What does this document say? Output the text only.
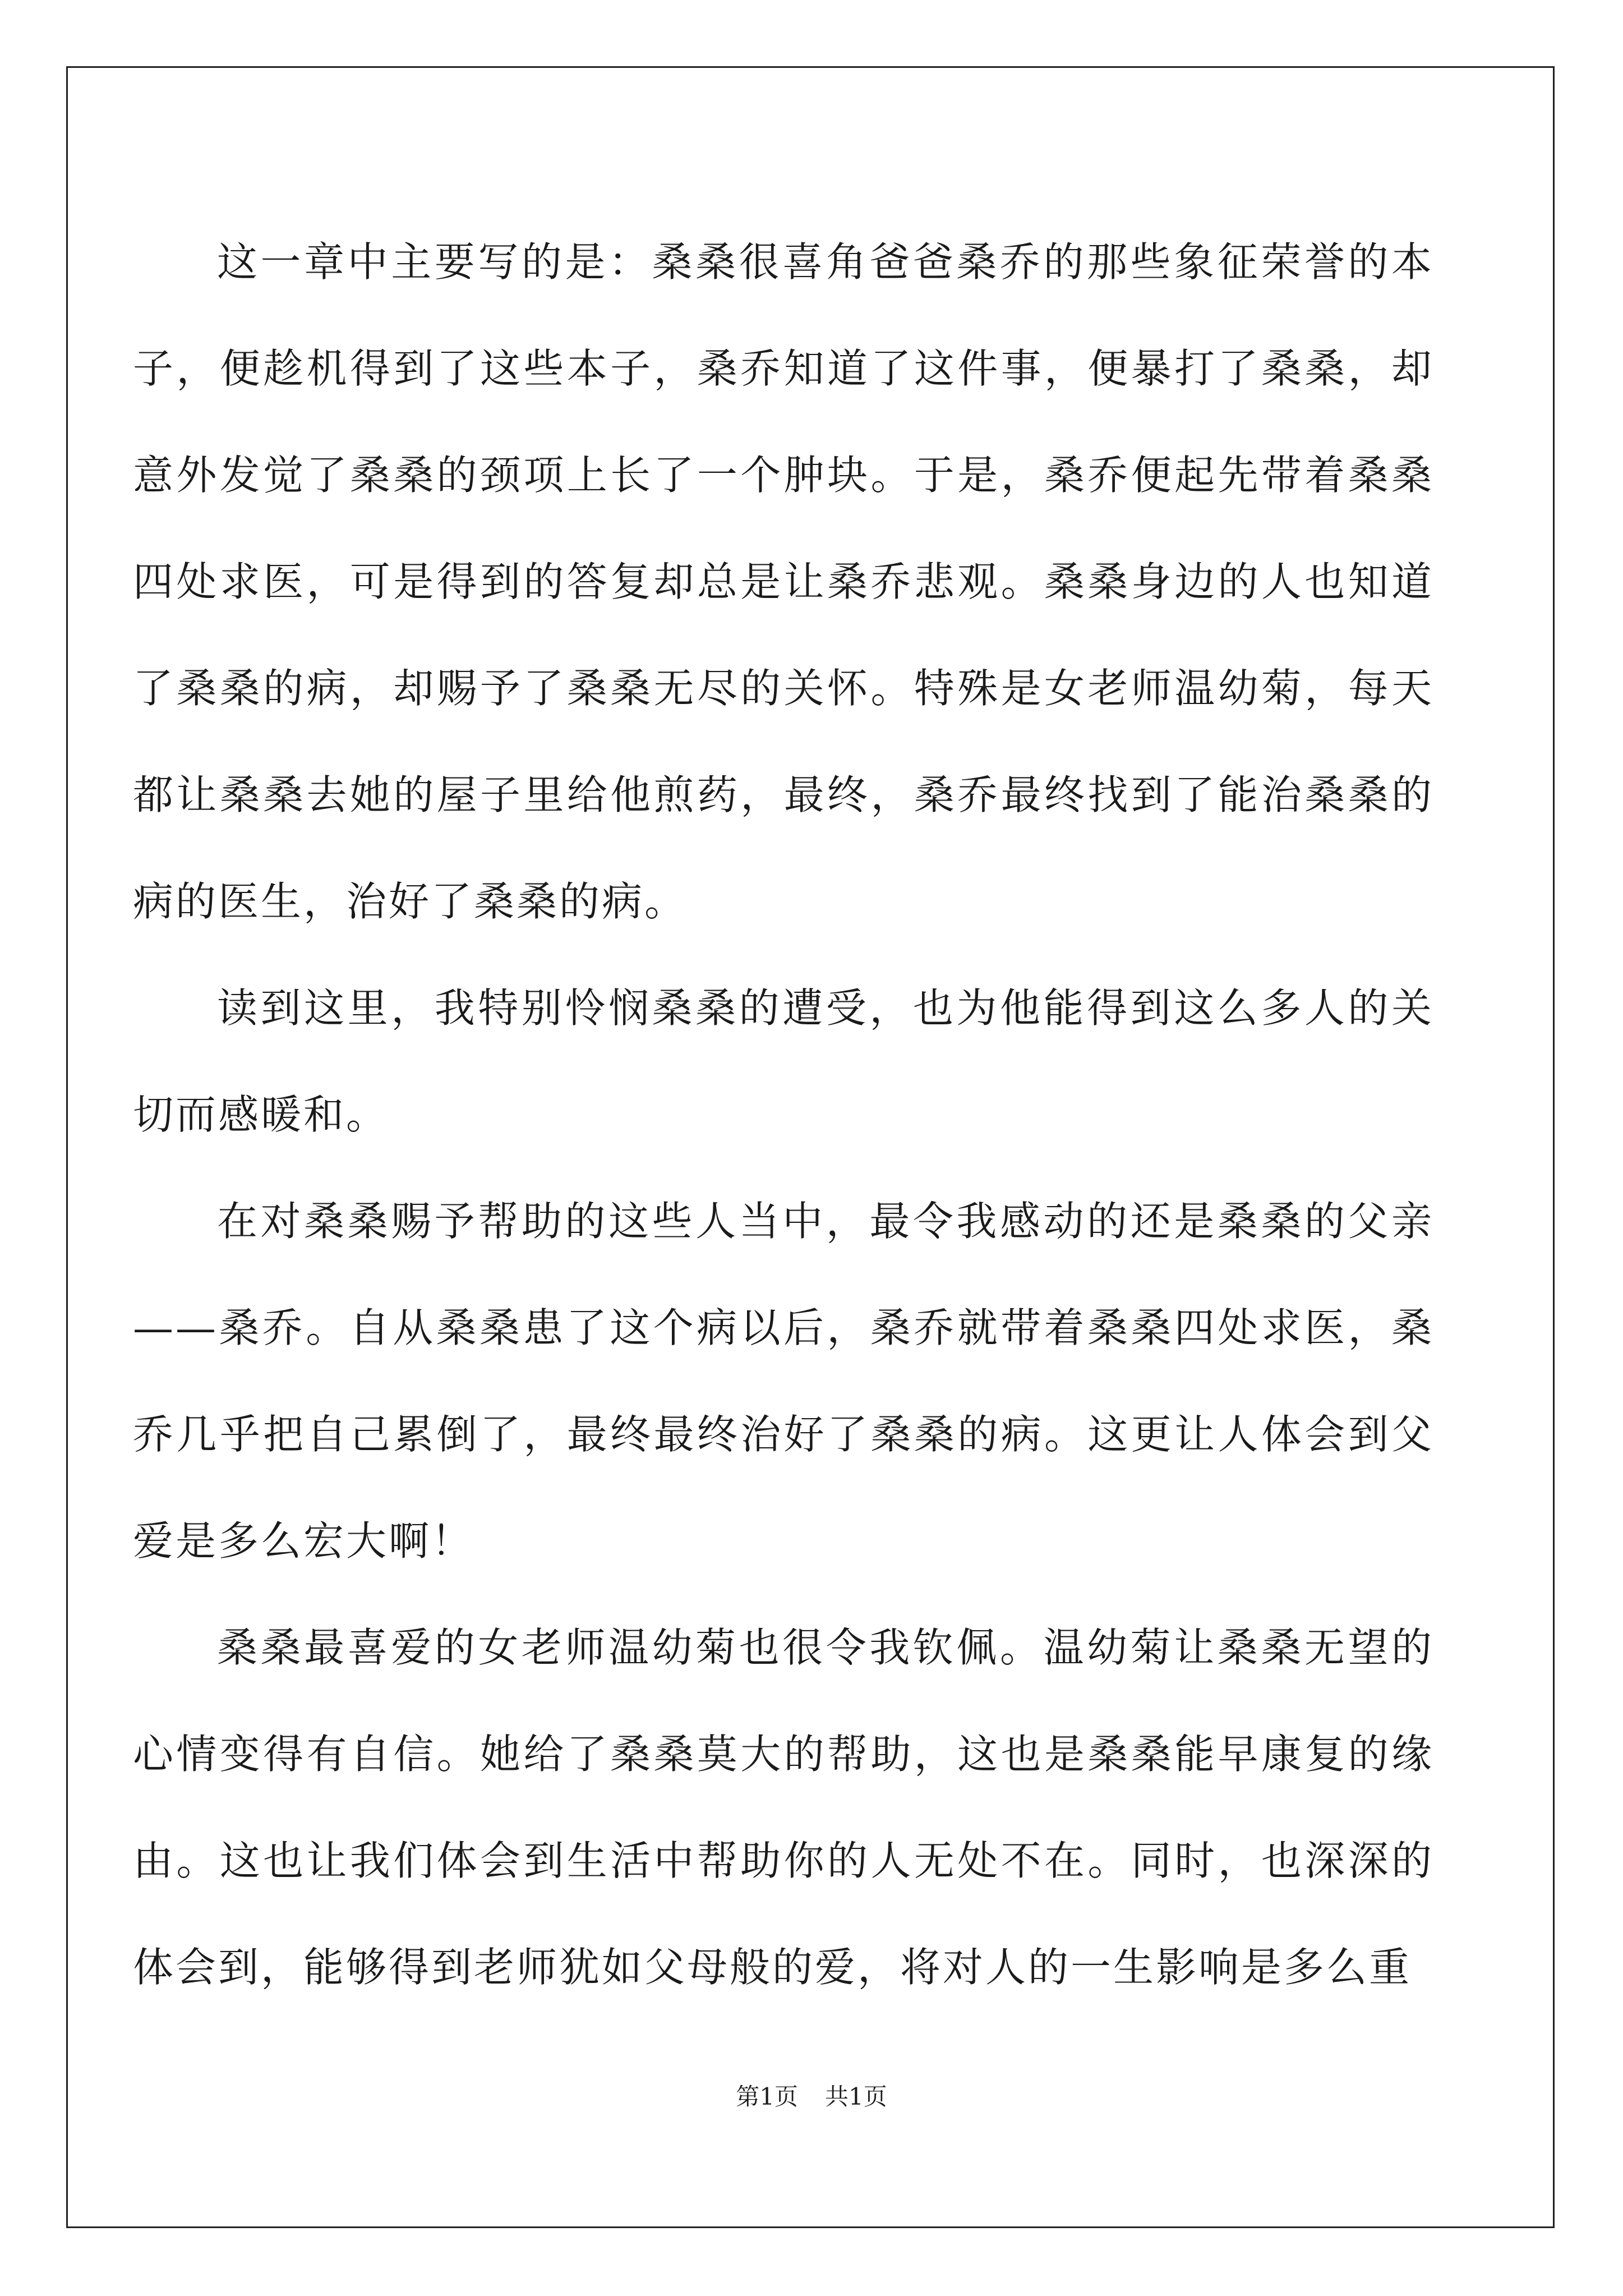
这一章中主要写的是：桑桑很喜角爸爸桑乔的那些象征荣誉的本子，便趁机得到了这些本子，桑乔知道了这件事，便暴打了桑桑，却意外发觉了桑桑的颈项上长了一个肿块。于是，桑乔便起先带着桑桑四处求医，可是得到的答复却总是让桑乔悲观。桑桑身边的人也知道了桑桑的病，却赐予了桑桑无尽的关怀。特殊是女老师温幼菊，每天都让桑桑去她的屋子里给他煎药，最终，桑乔最终找到了能治桑桑的病的医生，治好了桑桑的病。

读到这里，我特别怜悯桑桑的遭受，也为他能得到这么多人的关切而感暖和。

在对桑桑赐予帮助的这些人当中，最令我感动的还是桑桑的父亲——桑乔。自从桑桑患了这个病以后，桑乔就带着桑桑四处求医，桑乔几乎把自己累倒了，最终最终治好了桑桑的病。这更让人体会到父爱是多么宏大啊！

桑桑最喜爱的女老师温幼菊也很令我钦佩。温幼菊让桑桑无望的心情变得有自信。她给了桑桑莫大的帮助，这也是桑桑能早康复的缘由。这也让我们体会到生活中帮助你的人无处不在。同时，也深深的体会到，能够得到老师犹如父母般的爱，将对人的一生影响是多么重

第1页 共1页
